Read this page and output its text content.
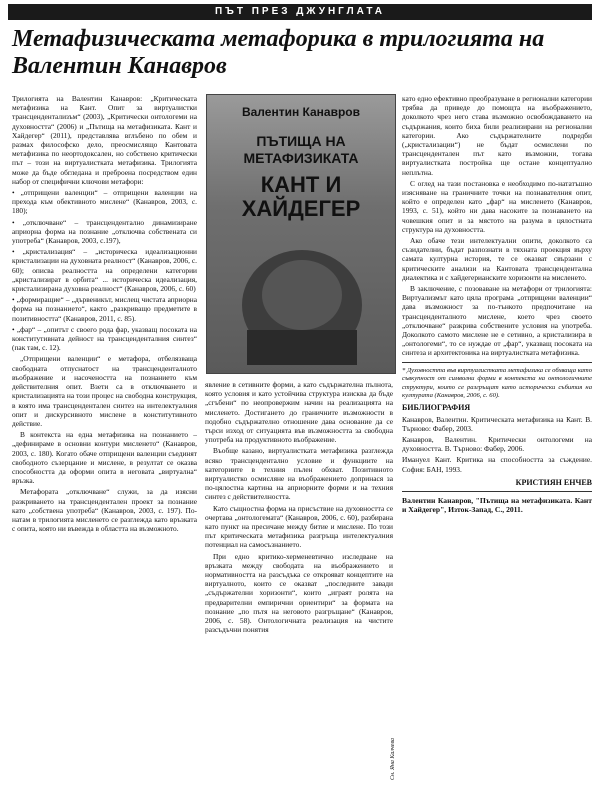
ПЪТ ПРЕЗ ДЖУНГЛАТА
Метафизическата метафорика в трилогията на Валентин Канавров

Трилогията на Валентин Канавров: „Критическата метафизика на Кант. Опит за виртуалистки трансцендентализъм“ (2003), „Критически онтологеми на духовността“ (2006) и „Пътища на метафизиката. Кант и Хайдегер“ (2011), представлява вглъбено по обем и размах философско дело, преосмислящо Кантовата метафизика по неортодоксален, но собствено критически път – този на виртуалистката метафизика. Трилогията може да бъде обгледана и преброена посредством един набор от специфични ключови метафори:

• „отприщени валенции“ – отприщени валенции на прехода към обективното мислене“ (Канавров, 2003, с. 180);

• „отключване“ – трансцендентално динамизиране априорна форма на познание „отключва собствената си употреба“ (Канавров, 2003, с.197),

• „кристализация“ – „историческа идеализационни кристализации на духовната реалност“ (Канавров, 2006, с. 60); описва реалността на определени категории „кристализират в орбита“ ... историческа идеализация, кристализирана духовна реалност“ (Канавров, 2006, с. 60)

• „формиращие“ – „дървеникът, мислещ чистата априорна форма на познанието“, както „разкриващо предметите в позитивността“ (Канавров, 2011, с. 85).

• „фар“ – „опитът с своего рода фар, указващ посоката на конститутивната дейност на трансценденталния синтез“ (пак там, с. 12).

„Отприщени валенции“ е метафора, отбелязваща свободната отпуснатост на трансценденталното въображение и насочеността на познанието към действителния опит. Взети са в отключването и кристализацията на този процес на свободна конструкция, в която има трансцендентален синтез на интелектуалния опит и дискурсивното мислене в конститутивното действие.

В контекста на една метафизика на познанието – „дефинираме в основни контури мисленето“ (Канавров, 2003, с. 180). Когато обаче отприщени валенции съединят свободното съзерцание и мислене, в резултат се оказва способността да оформи опита в неговата „виртуална“ връзка.

Метафората „отключване“ служи, за да изясни разкриването на трансцендентален проект за познание като „собствена употреба“ (Канавров, 2003, с. 197). По-натам в трилогията мисленето се разглежда като връзката с опита, която ни въвежда в областта на възможното.

Валентин Канавров
ПЪТИЩА НА
МЕТАФИЗИКАТА
КАНТ И
ХАЙДЕГЕР

явление в сетивните форми, а като съдържателна пълнота, която условия и като устойчива структура изисква да бъде „сгъбени“ по неопровержим начин на реализацията на мисленето. Достигането до граничните възможности в подобно съдържателно отношение дава основание да се търси изход от ситуацията във възможността за свободна употреба на продуктивното въображение.

Въобще казано, виртуалистката метафизика разглежда всяко трансцендентално условие и функциите на категориите в техния пълен обхват. Позитивното виртуалистко осмисляне на въображението допринася за по-цялостна картина на априорните форми и на техния синтез с действителността.

Като същностна форма на присъствие на духовността се очертава „онтологемата“ (Канавров, 2006, с. 60), разбирана като пункт на пресичане между битие и мислене. По този път критическата метафизика разгръща интелектуалния потенциал на самосъзнанието.

При едно критико-херменевтично изследване на връзката между свободата на въображението и нормативността на разсъдъка се открояват концептите на виртуалното, които се оказват „последните завади „съдържателни хоризонти“, които „играят ролята на предварителни емпирични ориентири“ за формата на познание „по пътя на неговото разгръщане“ (Канавров, 2006, с. 58). Онтологичната реализация на чистите разсъдъчни понятия

Сн. Яна Калчева

като едно ефективно преобразуване в регионални категории трябва да приведе до помощта на въображението, доколкото чрез него става възможно освобождаването на съдържания, които биха били реализирани на регионални категории. Ако съдържателните подредби („кристализации“) не бъдат осмислени по трансцендентален път като възможни, тогава виртуалистката постройка ще остане концептуално неплътна.

С оглед на тази постановка е необходимо по-нататъшно изясняване на граничните точки на познавателния опит, който е определен като „фар“ на мисленето (Канавров, 1993, с. 51), който ни дава насоките за познаването на човешкия опит и за мястото на разума в цялостната структура на духовността.

Ако обаче тези интелектуални опити, доколкото са съзидателни, бъдат разпознати в тяхната проекция върху самата културна история, те се оказват свързани с критическите анализи на Кантовата трансцендентална диалектика и с хайдегерианските хоризонти на мисленето.

В заключение, с позоваване на метафори от трилогията: Виртуализмът като цяла програма „отприщени валенции“ дава възможност за по-тънкото предпочитане на трансценденталното мислене, което чрез своето „отключване“ разкрива собствените условия на употреба. Доколкото самото мислене не е сетивно, а кристализира в „онтологеми“, то се нуждае от „фар“, указващ посоката на синтеза и архитектоника на виртуалистката метафизика.

* Духовността във виртуалистката метафизика се обхваща като съвкупност от символни форми в контекста на онтологичните структури, които се разгръщат като исторически събития на културата (Канавров, 2006, с. 60).

БИБЛИОГРАФИЯ

Канавров, Валентин. Критическата метафизика на Кант. В. Търново: Фабер, 2003.

Канавров, Валентин. Критически онтологеми на духовността. В. Търново: Фабер, 2006.

Имануел Кант. Критика на способността за съждение. София: БАН, 1993.

КРИСТИЯН ЕНЧЕВ

Валентин Канавров, "Пътища на метафизиката. Кант и Хайдегер", Изток-Запад, С., 2011.
